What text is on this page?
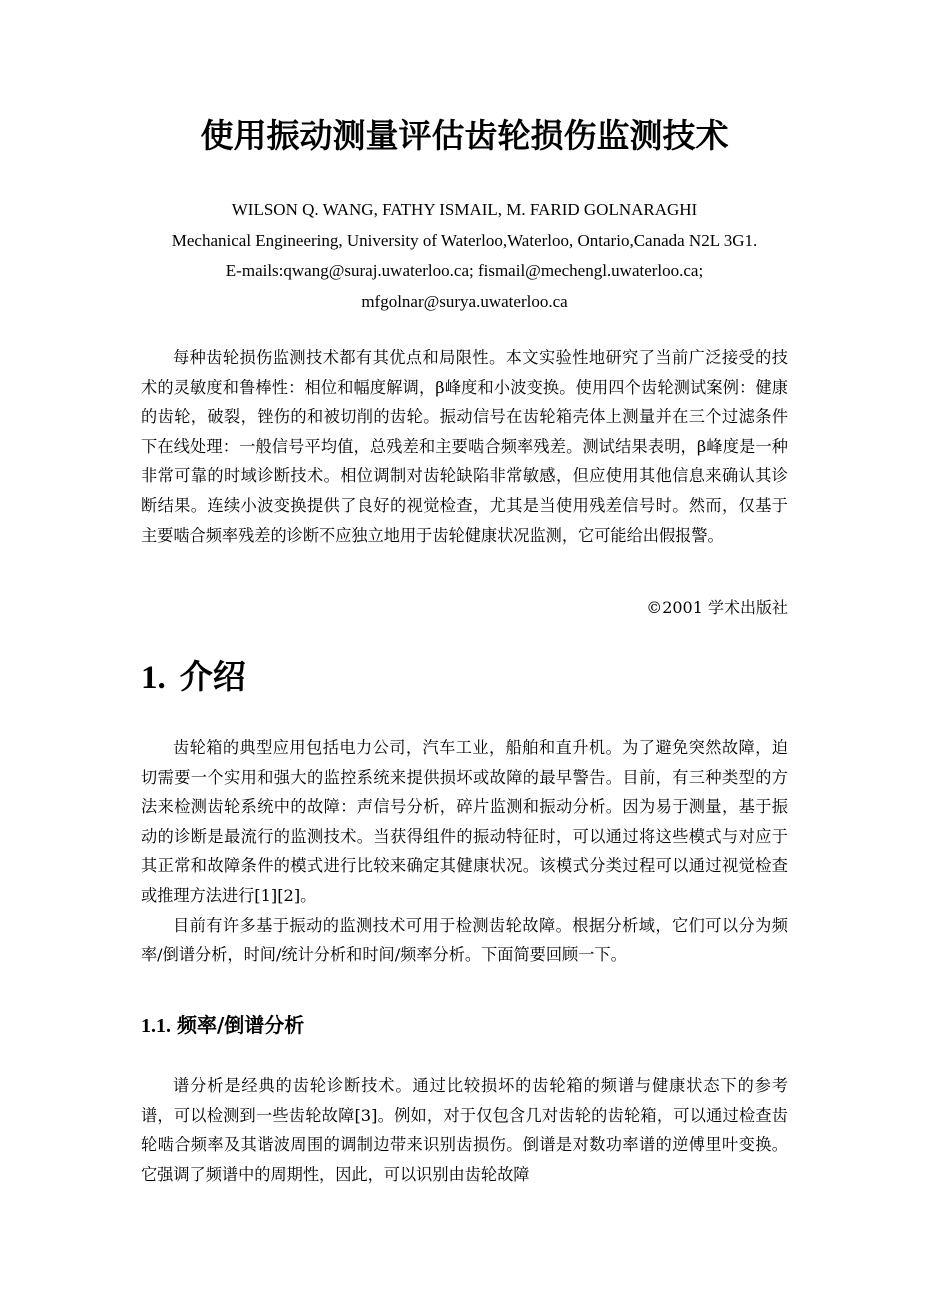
使用振动测量评估齿轮损伤监测技术
WILSON Q. WANG, FATHY ISMAIL, M. FARID GOLNARAGHI
Mechanical Engineering, University of Waterloo,Waterloo, Ontario,Canada N2L 3G1.
E-mails:qwang@suraj.uwaterloo.ca; fismail@mechengl.uwaterloo.ca;
mfgolnar@surya.uwaterloo.ca

每种齿轮损伤监测技术都有其优点和局限性。本文实验性地研究了当前广泛接受的技术的灵敏度和鲁棒性：相位和幅度解调，β峰度和小波变换。使用四个齿轮测试案例：健康的齿轮，破裂，锉伤的和被切削的齿轮。振动信号在齿轮箱壳体上测量并在三个过滤条件下在线处理：一般信号平均值，总残差和主要啮合频率残差。测试结果表明，β峰度是一种非常可靠的时域诊断技术。相位调制对齿轮缺陷非常敏感，但应使用其他信息来确认其诊断结果。连续小波变换提供了良好的视觉检查，尤其是当使用残差信号时。然而，仅基于主要啮合频率残差的诊断不应独立地用于齿轮健康状况监测，它可能给出假报警。

©2001 学术出版社
1. 介绍

齿轮箱的典型应用包括电力公司，汽车工业，船舶和直升机。为了避免突然故障，迫切需要一个实用和强大的监控系统来提供损坏或故障的最早警告。目前，有三种类型的方法来检测齿轮系统中的故障：声信号分析，碎片监测和振动分析。因为易于测量，基于振动的诊断是最流行的监测技术。当获得组件的振动特征时，可以通过将这些模式与对应于其正常和故障条件的模式进行比较来确定其健康状况。该模式分类过程可以通过视觉检查或推理方法进行[1][2]。

目前有许多基于振动的监测技术可用于检测齿轮故障。根据分析域，它们可以分为频率/倒谱分析，时间/统计分析和时间/频率分析。下面简要回顾一下。

1.1. 频率/倒谱分析

谱分析是经典的齿轮诊断技术。通过比较损坏的齿轮箱的频谱与健康状态下的参考谱，可以检测到一些齿轮故障[3]。例如，对于仅包含几对齿轮的齿轮箱，可以通过检查齿轮啮合频率及其谐波周围的调制边带来识别齿损伤。倒谱是对数功率谱的逆傅里叶变换。它强调了频谱中的周期性，因此，可以识别由齿轮故障
